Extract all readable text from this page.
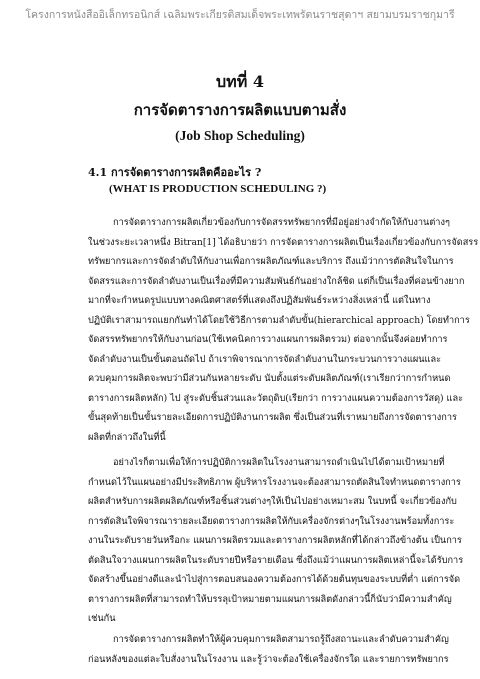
โครงการหนังสืออิเล็กทรอนิกส์ เฉลิมพระเกียรติสมเด็จพระเทพรัตนราชสุดาฯ สยามบรมราชกุมารี
บทที่ 4
การจัดตารางการผลิตแบบตามสั่ง
(Job Shop Scheduling)
4.1 การจัดตารางการผลิตคืออะไร ?
(WHAT IS PRODUCTION SCHEDULING ?)
การจัดตารางการผลิตเกี่ยวข้องกับการจัดสรรทรัพยากรที่มีอยู่อย่างจำกัดให้กับงานต่างๆ
ในช่วงระยะเวลาหนึ่ง Bitran[1] ได้อธิบายว่า การจัดตารางการผลิตเป็นเรื่องเกี่ยวข้องกับการจัดสรร
ทรัพยากรและการจัดลำดับให้กับงานเพื่อการผลิตภัณฑ์และบริการ ถึงแม้ว่าการตัดสินใจในการ
จัดสรรและการจัดลำดับงานเป็นเรื่องที่มีความสัมพันธ์กันอย่างใกล้ชิด แต่ก็เป็นเรื่องที่ค่อนข้างยาก
มากที่จะกำหนดรูปแบบทางคณิตศาสตร์ที่แสดงถึงปฏิสัมพันธ์ระหว่างสิ่งเหล่านี้ แต่ในทาง
ปฏิบัติเราสามารถแยกกันทำได้โดยใช้วิธีการตามลำดับขั้น(hierarchical approach) โดยทำการ
จัดสรรทรัพยากรให้กับงานก่อน(ใช้เทคนิคการวางแผนการผลิตรวม) ต่อจากนั้นจึงค่อยทำการ
จัดลำดับงานเป็นขั้นตอนถัดไป ถ้าเราพิจารณาการจัดลำดับงานในกระบวนการวางแผนและ
ควบคุมการผลิตจะพบว่ามีส่วนกันหลายระดับ นับตั้งแต่ระดับผลิตภัณฑ์(เราเรียกว่าการกำหนด
ตารางการผลิตหลัก) ไป สู่ระดับชิ้นส่วนและวัตถุดิบ(เรียกว่า การวางแผนความต้องการวัสดุ) และ
ขั้นสุดท้ายเป็นขั้นรายละเอียดการปฏิบัติงานการผลิต ซึ่งเป็นส่วนที่เราหมายถึงการจัดตารางการ
ผลิตที่กล่าวถึงในที่นี้
อย่างไรก็ตามเพื่อให้การปฏิบัติการผลิตในโรงงานสามารถดำเนินไปได้ตามเป้าหมายที่
กำหนดไว้ในแผนอย่างมีประสิทธิภาพ ผู้บริหารโรงงานจะต้องสามารถตัดสินใจทำหนดตารางการ
ผลิตสำหรับการผลิตผลิตภัณฑ์หรือชิ้นส่วนต่างๆให้เป็นไปอย่างเหมาะสม ในบทนี้ จะเกี่ยวข้องกับ
การตัดสินใจพิจารณารายละเอียดตารางการผลิตให้กับเครื่องจักรต่างๆในโรงงานพร้อมทั้งการะ
งานในระดับรายวันหรือกะ แผนการผลิตรวมและตารางการผลิตหลักที่ได้กล่าวถึงข้างต้น เป็นการ
ตัดสินใจวางแผนการผลิตในระดับรายปีหรือรายเดือน ซึ่งถึงแม้ว่าแผนการผลิตเหล่านี้จะได้รับการ
จัดสร้างขึ้นอย่างดีและนำไปสู่การตอบสนองความต้องการได้ด้วยต้นทุนของระบบที่ต่ำ แต่การจัด
ตารางการผลิตที่สามารถทำให้บรรลุเป้าหมายตามแผนการผลิตดังกล่าวนี้ก็นับว่ามีความสำคัญ
เช่นกัน
การจัดตารางการผลิตทำให้ผู้ควบคุมการผลิตสามารถรู้ถึงสถานะและลำดับความสำคัญ
ก่อนหลังของแต่ละใบสั่งงานในโรงงาน และรู้ว่าจะต้องใช้เครื่องจักรใด และรายการทรัพยากร
